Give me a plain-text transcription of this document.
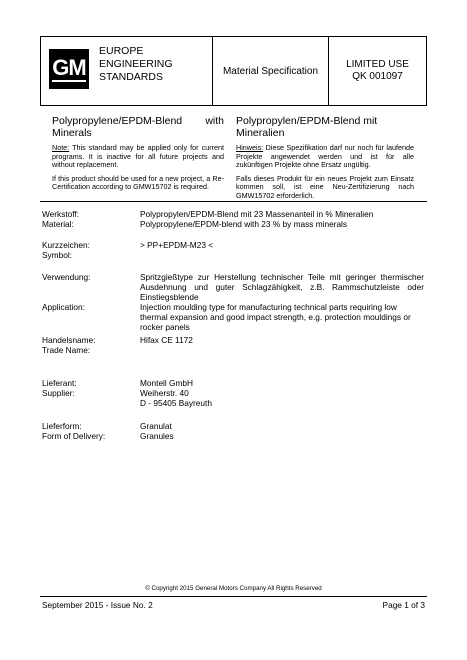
GM
EUROPE
ENGINEERING
STANDARDS	Material Specification
LIMITED USE
QK 001097
Polypropylene/EPDM-Blend with Minerals
Note: This standard may be applied only for current programs. It is inactive for all future projects and without replacement.
If this product should be used for a new project, a Re-Certification according to GMW15702 is required.
Polypropylen/EPDM-Blend mit Mineralien
Hinweis: Diese Spezifikation darf nur noch für laufende Projekte angewendet werden und ist für alle zukünftigen Projekte ohne Ersatz ungültig.
Falls dieses Produkt für ein neues Projekt zum Einsatz kommen soll, ist eine Neu-Zertifizierung nach GMW15702 erforderlich.
Werkstoff:	Polypropylen/EPDM-Blend mit 23 Massenanteil in % Mineralien
Material:	Polypropylene/EPDM-blend with 23 % by mass minerals
Kurzzeichen:	> PP+EPDM-M23 <
Symbol:
Verwendung:	Spritzgießtype zur Herstellung technischer Teile mit geringer thermischer Ausdehnung und guter Schlagzähigkeit, z.B. Rammschutzleiste oder Einstiegsblende
Application:	Injection moulding type for manufacturing technical parts requiring low thermal expansion and good impact strength, e.g. protection mouldings or rocker panels
Handelsname:	Hifax CE 1172
Trade Name:
Lieferant:	Montell GmbH
Supplier:	Weiherstr. 40
D - 95405 Bayreuth
Lieferform:	Granulat
Form of Delivery:	Granules
© Copyright 2015 General Motors Company All Rights Reserved
September 2015 - Issue No. 2	Page 1 of 3
